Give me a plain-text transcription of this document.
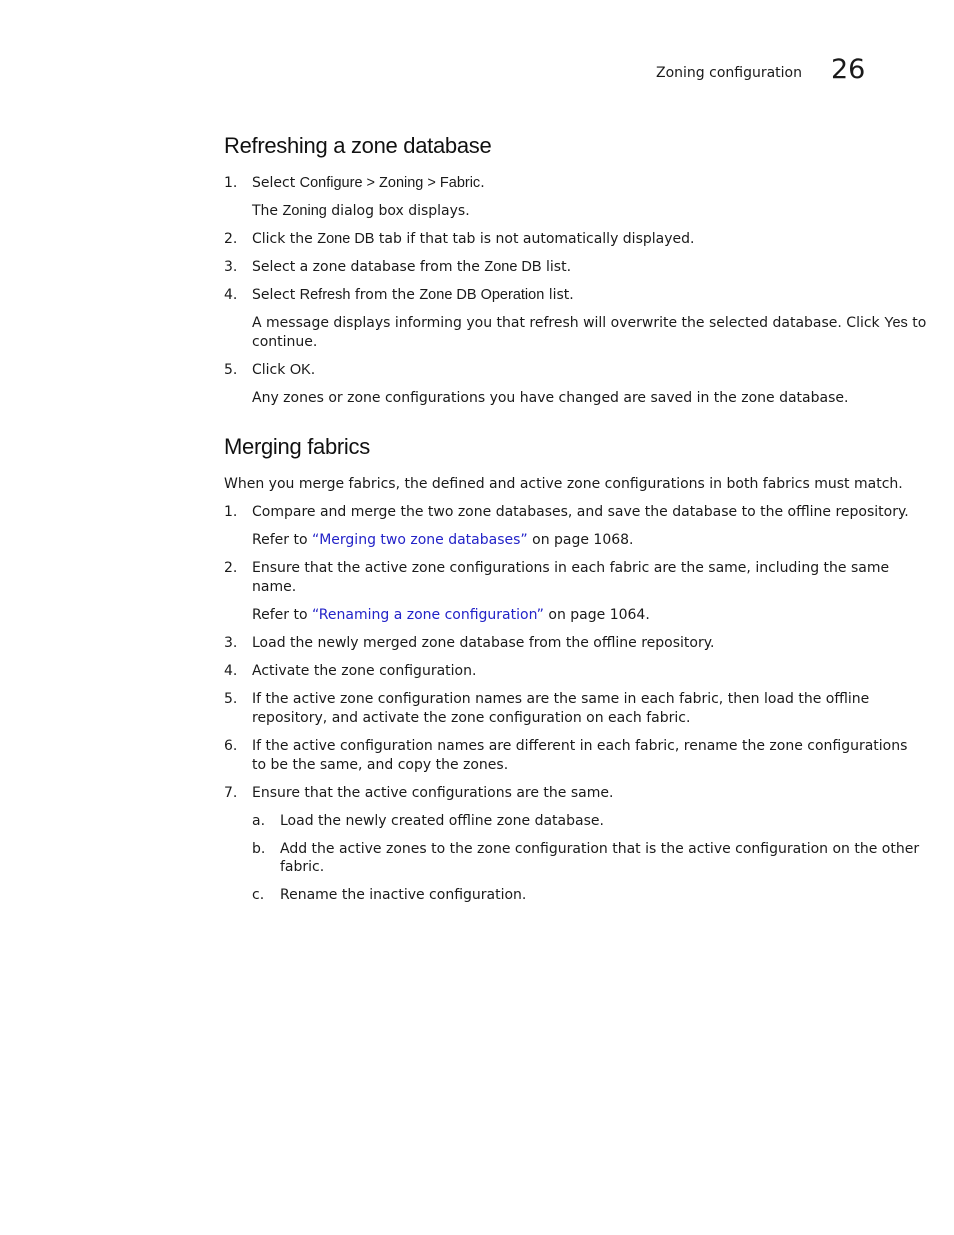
Zoning configuration 26
Refreshing a zone database
1. Select Configure > Zoning > Fabric.
The Zoning dialog box displays.
2. Click the Zone DB tab if that tab is not automatically displayed.
3. Select a zone database from the Zone DB list.
4. Select Refresh from the Zone DB Operation list.
A message displays informing you that refresh will overwrite the selected database. Click Yes to
continue.
5. Click OK.
Any zones or zone configurations you have changed are saved in the zone database.
Merging fabrics
When you merge fabrics, the defined and active zone configurations in both fabrics must match.
1. Compare and merge the two zone databases, and save the database to the offline repository.
Refer to “Merging two zone databases” on page 1068.
2. Ensure that the active zone configurations in each fabric are the same, including the same
name.
Refer to “Renaming a zone configuration” on page 1064.
3. Load the newly merged zone database from the offline repository.
4. Activate the zone configuration.
5. If the active zone configuration names are the same in each fabric, then load the offline
repository, and activate the zone configuration on each fabric.
6. If the active configuration names are different in each fabric, rename the zone configurations
to be the same, and copy the zones.
7. Ensure that the active configurations are the same.
a. Load the newly created offline zone database.
b. Add the active zones to the zone configuration that is the active configuration on the other
fabric.
c. Rename the inactive configuration.
